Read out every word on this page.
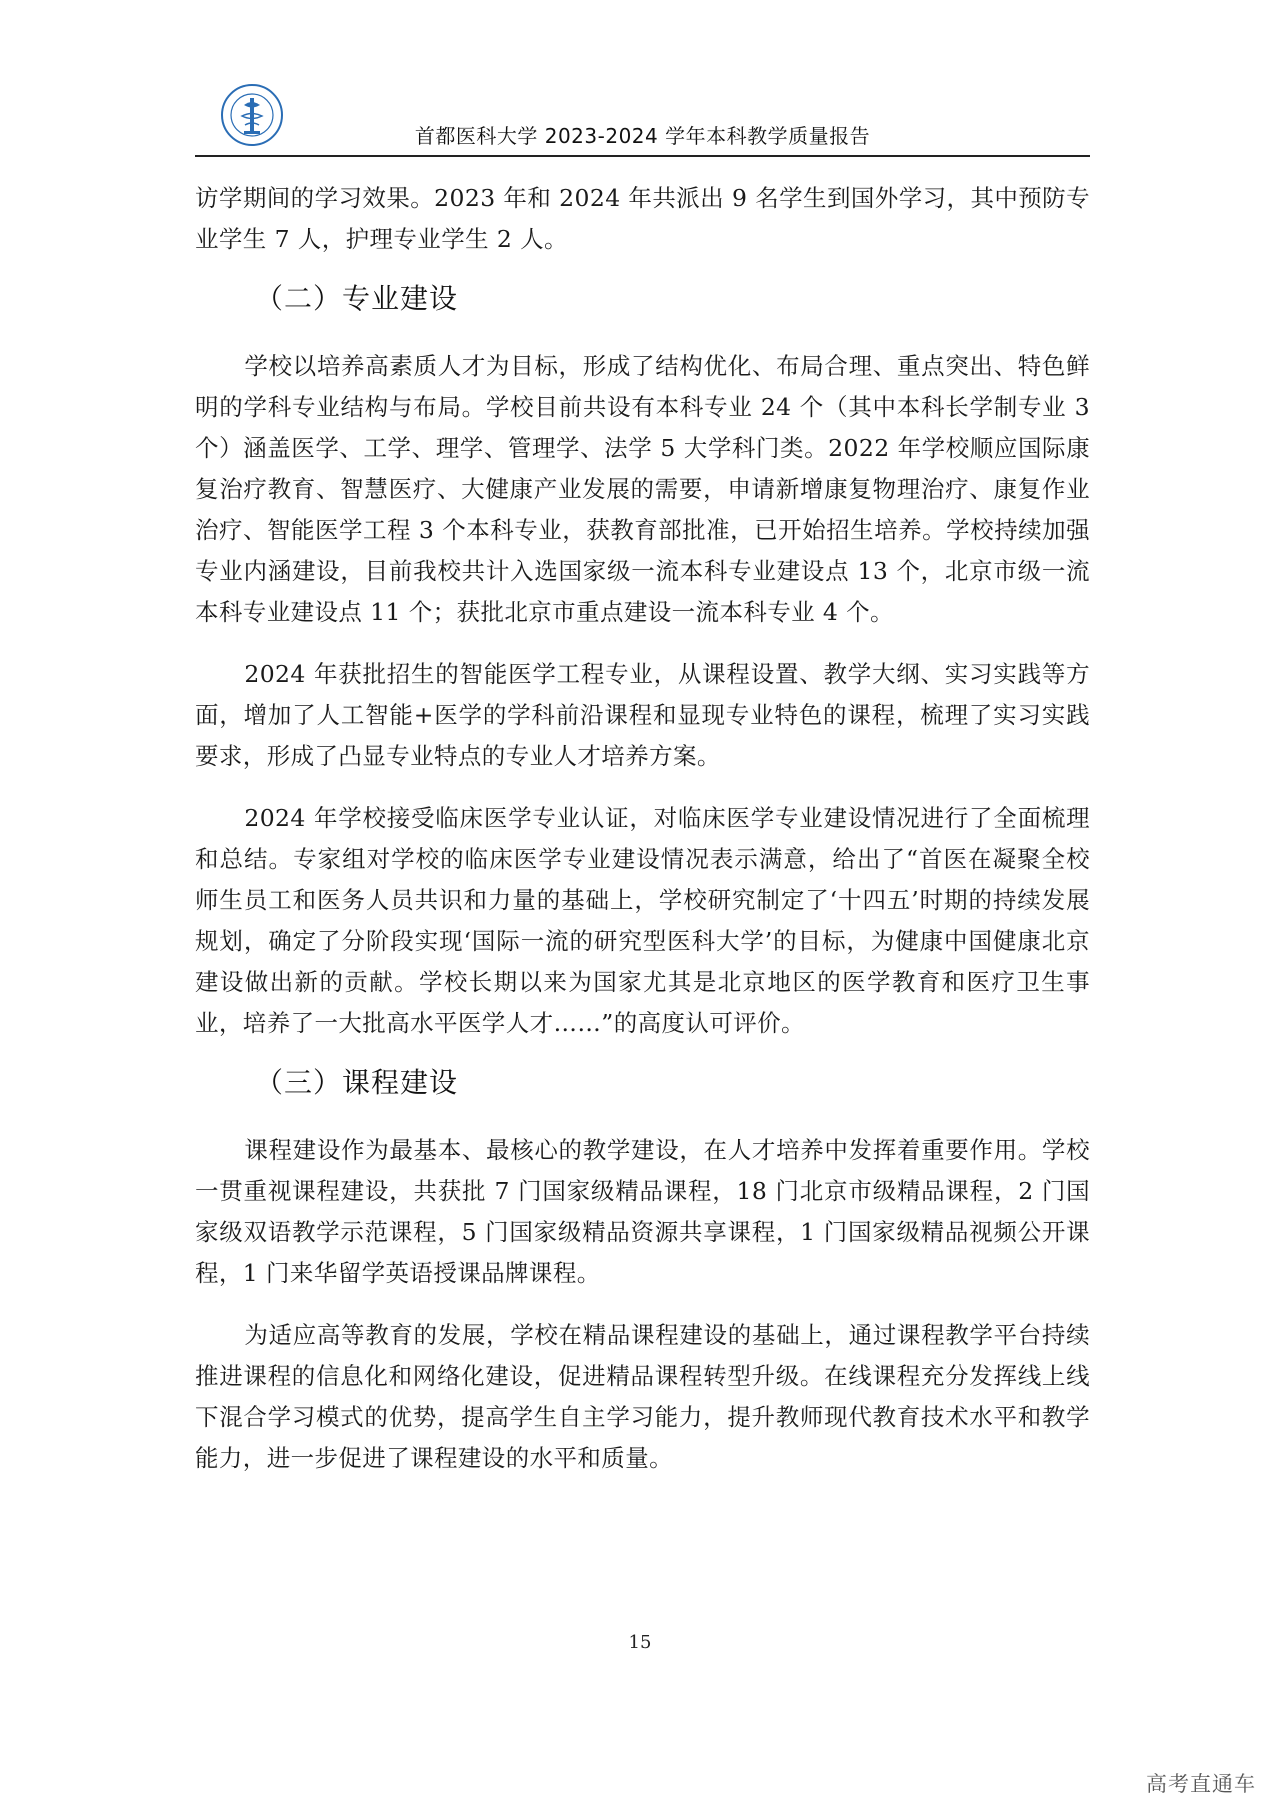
首都医科大学 2023-2024 学年本科教学质量报告

访学期间的学习效果。2023 年和 2024 年共派出 9 名学生到国外学习，其中预防专业学生 7 人，护理专业学生 2 人。

（二）专业建设

学校以培养高素质人才为目标，形成了结构优化、布局合理、重点突出、特色鲜明的学科专业结构与布局。学校目前共设有本科专业 24 个（其中本科长学制专业 3 个）涵盖医学、工学、理学、管理学、法学 5 大学科门类。2022 年学校顺应国际康复治疗教育、智慧医疗、大健康产业发展的需要，申请新增康复物理治疗、康复作业治疗、智能医学工程 3 个本科专业，获教育部批准，已开始招生培养。学校持续加强专业内涵建设，目前我校共计入选国家级一流本科专业建设点 13 个，北京市级一流本科专业建设点 11 个；获批北京市重点建设一流本科专业 4 个。

2024 年获批招生的智能医学工程专业，从课程设置、教学大纲、实习实践等方面，增加了人工智能+医学的学科前沿课程和显现专业特色的课程，梳理了实习实践要求，形成了凸显专业特点的专业人才培养方案。

2024 年学校接受临床医学专业认证，对临床医学专业建设情况进行了全面梳理和总结。专家组对学校的临床医学专业建设情况表示满意，给出了“首医在凝聚全校师生员工和医务人员共识和力量的基础上，学校研究制定了‘十四五’时期的持续发展规划，确定了分阶段实现‘国际一流的研究型医科大学’的目标，为健康中国健康北京建设做出新的贡献。学校长期以来为国家尤其是北京地区的医学教育和医疗卫生事业，培养了一大批高水平医学人才……”的高度认可评价。

（三）课程建设

课程建设作为最基本、最核心的教学建设，在人才培养中发挥着重要作用。学校一贯重视课程建设，共获批 7 门国家级精品课程，18 门北京市级精品课程，2 门国家级双语教学示范课程，5 门国家级精品资源共享课程，1 门国家级精品视频公开课程，1 门来华留学英语授课品牌课程。

为适应高等教育的发展，学校在精品课程建设的基础上，通过课程教学平台持续推进课程的信息化和网络化建设，促进精品课程转型升级。在线课程充分发挥线上线下混合学习模式的优势，提高学生自主学习能力，提升教师现代教育技术水平和教学能力，进一步促进了课程建设的水平和质量。

15
高考直通车
